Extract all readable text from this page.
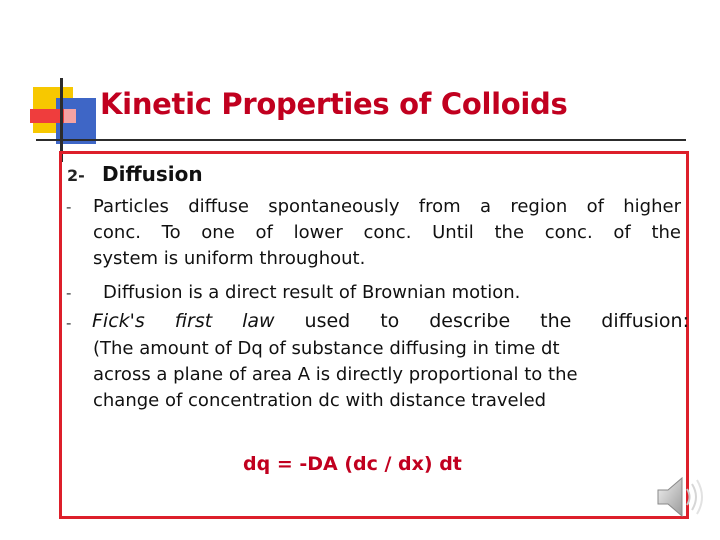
Kinetic Properties of Colloids
2- Diffusion
- Particles diffuse spontaneously from a region of higher
conc. To one of lower conc. Until the conc. of the
system is uniform throughout.
- Diffusion is a direct result of Brownian motion.
- Fick's first law used to describe the diffusion:
(The amount of Dq of substance diffusing in time dt
across a plane of area A is directly proportional to the
change of concentration dc with distance traveled
dq = -DA (dc / dx) dt
